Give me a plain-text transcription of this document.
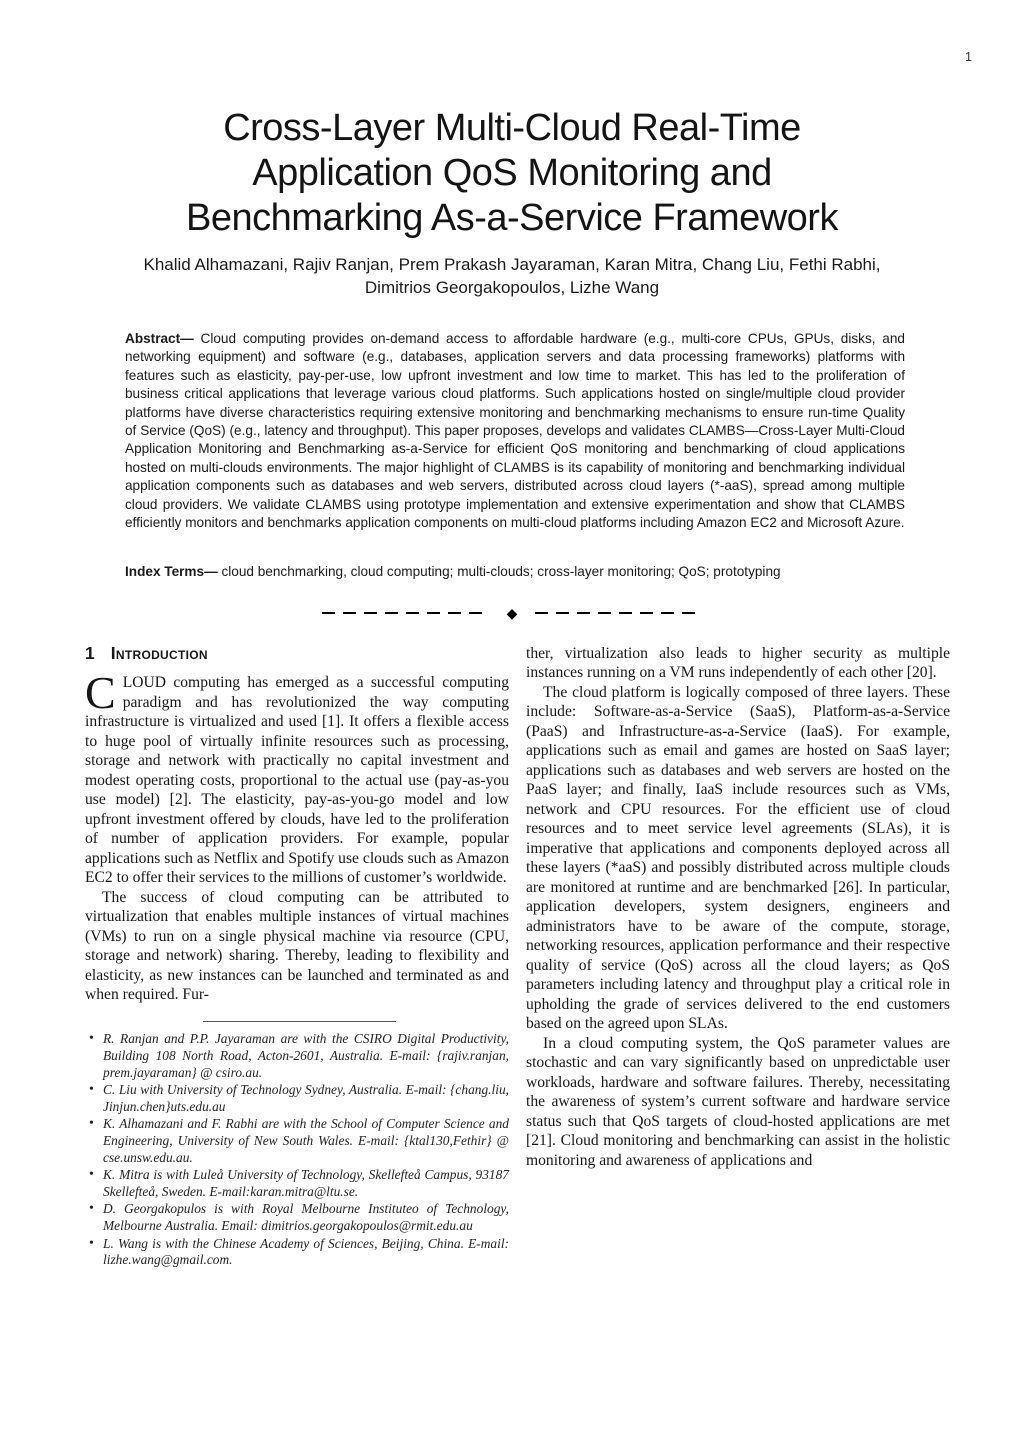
1
Cross-Layer Multi-Cloud Real-Time
Application QoS Monitoring and
Benchmarking As-a-Service Framework
Khalid Alhamazani, Rajiv Ranjan, Prem Prakash Jayaraman, Karan Mitra, Chang Liu, Fethi Rabhi,
Dimitrios Georgakopoulos, Lizhe Wang
Abstract— Cloud computing provides on-demand access to affordable hardware (e.g., multi-core CPUs, GPUs, disks, and networking equipment) and software (e.g., databases, application servers and data processing frameworks) platforms with features such as elasticity, pay-per-use, low upfront investment and low time to market. This has led to the proliferation of business critical applications that leverage various cloud platforms. Such applications hosted on single/multiple cloud provider platforms have diverse characteristics requiring extensive monitoring and benchmarking mechanisms to ensure run-time Quality of Service (QoS) (e.g., latency and throughput). This paper proposes, develops and validates CLAMBS—Cross-Layer Multi-Cloud Application Monitoring and Benchmarking as-a-Service for efficient QoS monitoring and benchmarking of cloud applications hosted on multi-clouds environments. The major highlight of CLAMBS is its capability of monitoring and benchmarking individual application components such as databases and web servers, distributed across cloud layers (*-aaS), spread among multiple cloud providers. We validate CLAMBS using prototype implementation and extensive experimentation and show that CLAMBS efficiently monitors and benchmarks application components on multi-cloud platforms including Amazon EC2 and Microsoft Azure.
Index Terms— cloud benchmarking, cloud computing; multi-clouds; cross-layer monitoring; QoS; prototyping
◆
1 Introduction

CLOUD computing has emerged as a successful computing paradigm and has revolutionized the way computing infrastructure is virtualized and used [1]. It offers a flexible access to huge pool of virtually infinite resources such as processing, storage and network with practically no capital investment and modest operating costs, proportional to the actual use (pay-as-you use model) [2]. The elasticity, pay-as-you-go model and low upfront investment offered by clouds, have led to the proliferation of number of application providers. For example, popular applications such as Netflix and Spotify use clouds such as Amazon EC2 to offer their services to the millions of customer’s worldwide.

The success of cloud computing can be attributed to virtualization that enables multiple instances of virtual machines (VMs) to run on a single physical machine via resource (CPU, storage and network) sharing. Thereby, leading to flexibility and elasticity, as new instances can be launched and terminated as and when required. Fur-

• R. Ranjan and P.P. Jayaraman are with the CSIRO Digital Productivity, Building 108 North Road, Acton-2601, Australia. E-mail: {rajiv.ranjan, prem.jayaraman} @ csiro.au.
• C. Liu with University of Technology Sydney, Australia. E-mail: {chang.liu, Jinjun.chen}uts.edu.au
• K. Alhamazani and F. Rabhi are with the School of Computer Science and Engineering, University of New South Wales. E-mail: {ktal130,Fethir} @ cse.unsw.edu.au.
• K. Mitra is with Luleå University of Technology, Skellefteå Campus, 93187 Skellefteå, Sweden. E-mail:karan.mitra@ltu.se.
• D. Georgakopulos is with Royal Melbourne Instituteo of Technology, Melbourne Australia. Email: dimitrios.georgakopoulos@rmit.edu.au
• L. Wang is with the Chinese Academy of Sciences, Beijing, China. E-mail: lizhe.wang@gmail.com.

ther, virtualization also leads to higher security as multiple instances running on a VM runs independently of each other [20].

The cloud platform is logically composed of three layers. These include: Software-as-a-Service (SaaS), Platform-as-a-Service (PaaS) and Infrastructure-as-a-Service (IaaS). For example, applications such as email and games are hosted on SaaS layer; applications such as databases and web servers are hosted on the PaaS layer; and finally, IaaS include resources such as VMs, network and CPU resources. For the efficient use of cloud resources and to meet service level agreements (SLAs), it is imperative that applications and components deployed across all these layers (*aaS) and possibly distributed across multiple clouds are monitored at runtime and are benchmarked [26]. In particular, application developers, system designers, engineers and administrators have to be aware of the compute, storage, networking resources, application performance and their respective quality of service (QoS) across all the cloud layers; as QoS parameters including latency and throughput play a critical role in upholding the grade of services delivered to the end customers based on the agreed upon SLAs.

In a cloud computing system, the QoS parameter values are stochastic and can vary significantly based on unpredictable user workloads, hardware and software failures. Thereby, necessitating the awareness of system’s current software and hardware service status such that QoS targets of cloud-hosted applications are met [21]. Cloud monitoring and benchmarking can assist in the holistic monitoring and awareness of applications and
